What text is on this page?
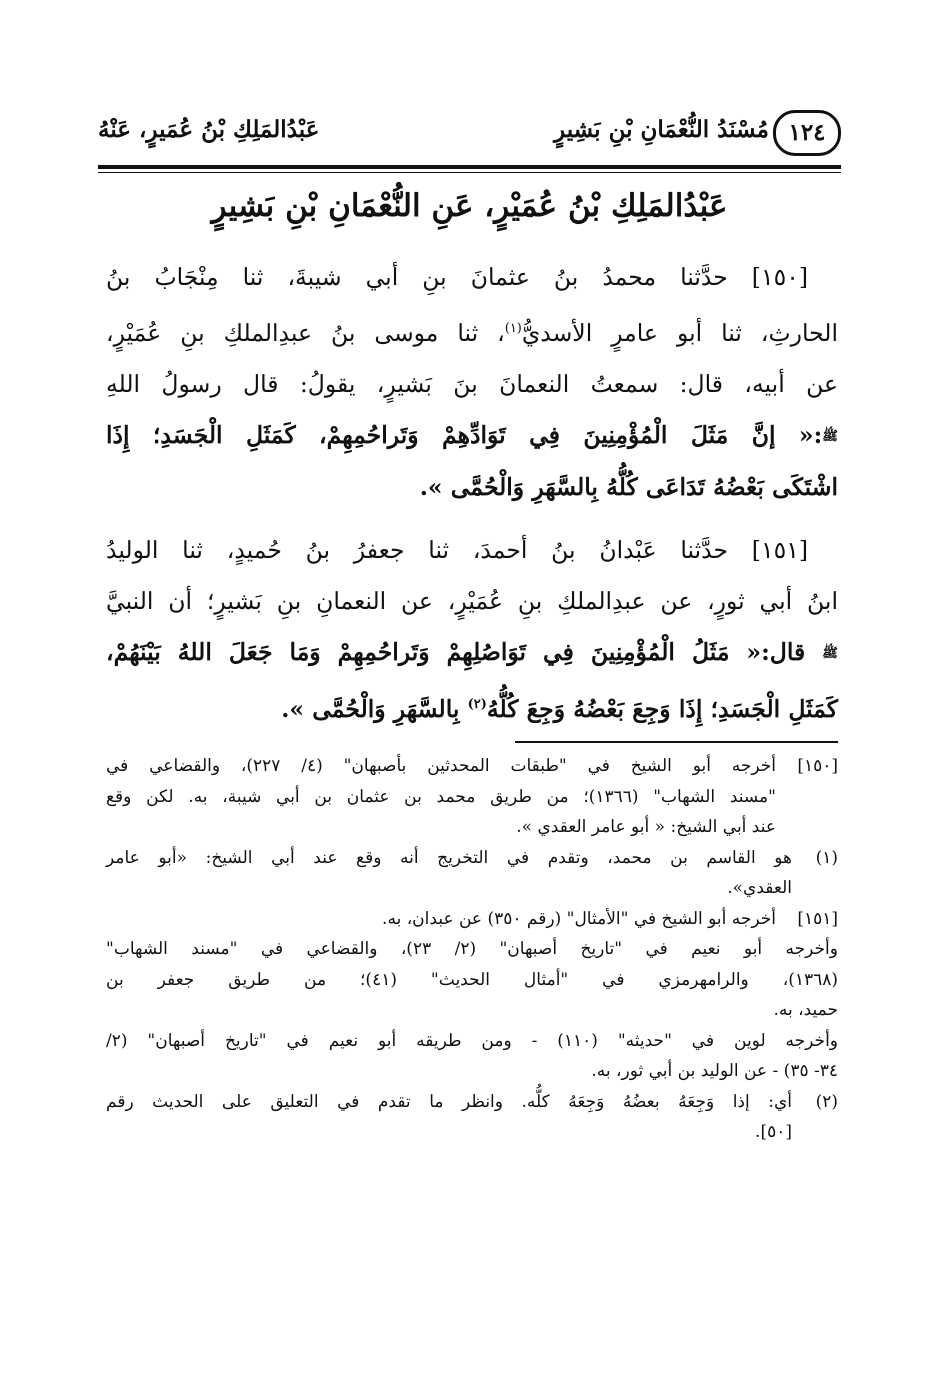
١٢٤
مُسْنَدُ النُّعْمَانِ بْنِ بَشِيرٍ
عَبْدُالمَلِكِ بْنُ عُمَيرٍ، عَنْهُ
عَبْدُالمَلِكِ بْنُ عُمَيْرٍ، عَنِ النُّعْمَانِ بْنِ بَشِيرٍ
[١٥٠] حدَّثنا محمدُ بنُ عثمانَ بنِ أبي شيبةَ، ثنا مِنْجَابُ بنُ
الحارثِ، ثنا أبو عامرٍ الأسديُّ$^{(١)}$، ثنا موسى بنُ عبدِالملكِ بنِ عُمَيْرٍ،
عن أبيه، قال: سمعتُ النعمانَ بنَ بَشيرٍ، يقولُ: قال رسولُ اللهِ
ﷺ:« إنَّ مَثَلَ الْمُؤْمِنِينَ فِي تَوَادِّهِمْ وَتَراحُمِهِمْ، كَمَثَلِ الْجَسَدِ؛ إِذَا
اشْتَكَى بَعْضُهُ تَدَاعَى كُلُّهُ بِالسَّهَرِ وَالْحُمَّى ».
[١٥١] حدَّثنا عَبْدانُ بنُ أحمدَ، ثنا جعفرُ بنُ حُميدٍ، ثنا الوليدُ
ابنُ أبي ثورٍ، عن عبدِالملكِ بنِ عُمَيْرٍ، عن النعمانِ بنِ بَشيرٍ؛ أن النبيَّ
ﷺ قال:« مَثَلُ الْمُؤْمِنِينَ فِي تَوَاصُلِهِمْ وَتَراحُمِهِمْ وَمَا جَعَلَ اللهُ بَيْنَهُمْ،
كَمَثَلِ الْجَسَدِ؛ إِذَا وَجِعَ بَعْضُهُ وَجِعَ كُلُّهُ$^{(٢)}$ بِالسَّهَرِ وَالْحُمَّى ».
[١٥٠]
أخرجه أبو الشيخ في "طبقات المحدثين بأصبهان" (٤/ ٢٢٧)، والقضاعي في
"مسند الشهاب" (١٣٦٦)؛ من طريق محمد بن عثمان بن أبي شيبة، به. لكن وقع
عند أبي الشيخ: « أبو عامر العقدي ».
(١)
هو القاسم بن محمد، وتقدم في التخريج أنه وقع عند أبي الشيخ: «أبو عامر
العقدي».
[١٥١]
أخرجه أبو الشيخ في "الأمثال" (رقم ٣٥٠) عن عبدان، به.
وأخرجه أبو نعيم في "تاريخ أصبهان" (٢/ ٢٣)، والقضاعي في "مسند الشهاب"
(١٣٦٨)، والرامهرمزي في "أمثال الحديث" (٤١)؛ من طريق جعفر بن
حميد، به.
وأخرجه لوين في "حديثه" (١١٠) - ومن طريقه أبو نعيم في "تاريخ أصبهان" (٢/
٣٤- ٣٥) - عن الوليد بن أبي ثور، به.
(٢)
أي: إذا وَجِعَهُ بعضُهُ وَجِعَهُ كلُّه. وانظر ما تقدم في التعليق على الحديث رقم
[٥٠].
